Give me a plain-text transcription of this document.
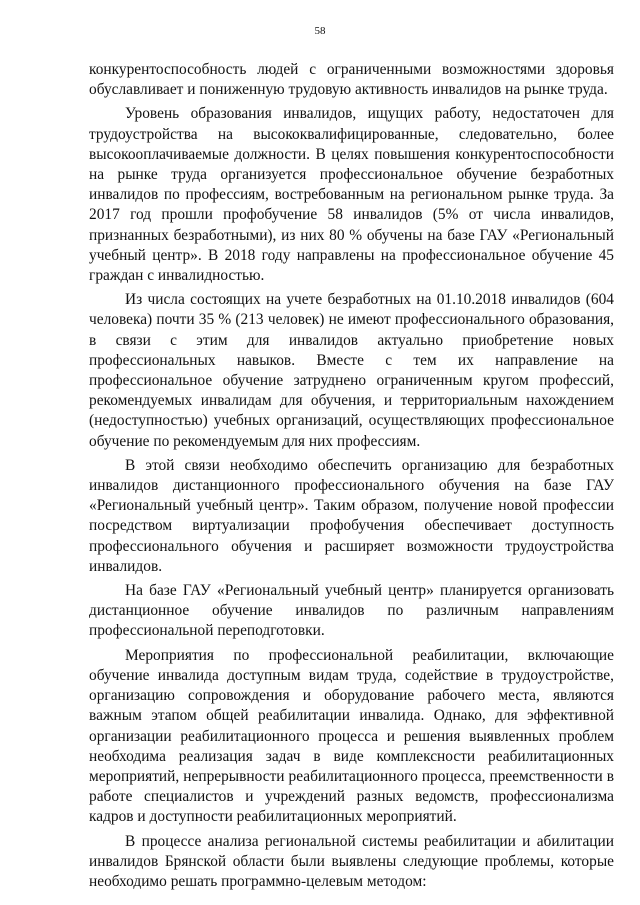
58

конкурентоспособность людей с ограниченными возможностями здоровья обуславливает и пониженную трудовую активность инвалидов на рынке труда.

Уровень образования инвалидов, ищущих работу, недостаточен для трудоустройства на высококвалифицированные, следовательно, более высокооплачиваемые должности. В целях повышения конкурентоспособности на рынке труда организуется профессиональное обучение безработных инвалидов по профессиям, востребованным на региональном рынке труда. За 2017 год прошли профобучение 58 инвалидов (5% от числа инвалидов, признанных безработными), из них 80 % обучены на базе ГАУ «Региональный учебный центр». В 2018 году направлены на профессиональное обучение 45 граждан с инвалидностью.

Из числа состоящих на учете безработных на 01.10.2018 инвалидов (604 человека) почти 35 % (213 человек) не имеют профессионального образования, в связи с этим для инвалидов актуально приобретение новых профессиональных навыков. Вместе с тем их направление на профессиональное обучение затруднено ограниченным кругом профессий, рекомендуемых инвалидам для обучения, и территориальным нахождением (недоступностью) учебных организаций, осуществляющих профессиональное обучение по рекомендуемым для них профессиям.

В этой связи необходимо обеспечить организацию для безработных инвалидов дистанционного профессионального обучения на базе ГАУ «Региональный учебный центр». Таким образом, получение новой профессии посредством виртуализации профобучения обеспечивает доступность профессионального обучения и расширяет возможности трудоустройства инвалидов.

На базе ГАУ «Региональный учебный центр» планируется организовать дистанционное обучение инвалидов по различным направлениям профессиональной переподготовки.

Мероприятия по профессиональной реабилитации, включающие обучение инвалида доступным видам труда, содействие в трудоустройстве, организацию сопровождения и оборудование рабочего места, являются важным этапом общей реабилитации инвалида. Однако, для эффективной организации реабилитационного процесса и решения выявленных проблем необходима реализация задач в виде комплексности реабилитационных мероприятий, непрерывности реабилитационного процесса, преемственности в работе специалистов и учреждений разных ведомств, профессионализма кадров и доступности реабилитационных мероприятий.

В процессе анализа региональной системы реабилитации и абилитации инвалидов Брянской области были выявлены следующие проблемы, которые необходимо решать программно-целевым методом:
